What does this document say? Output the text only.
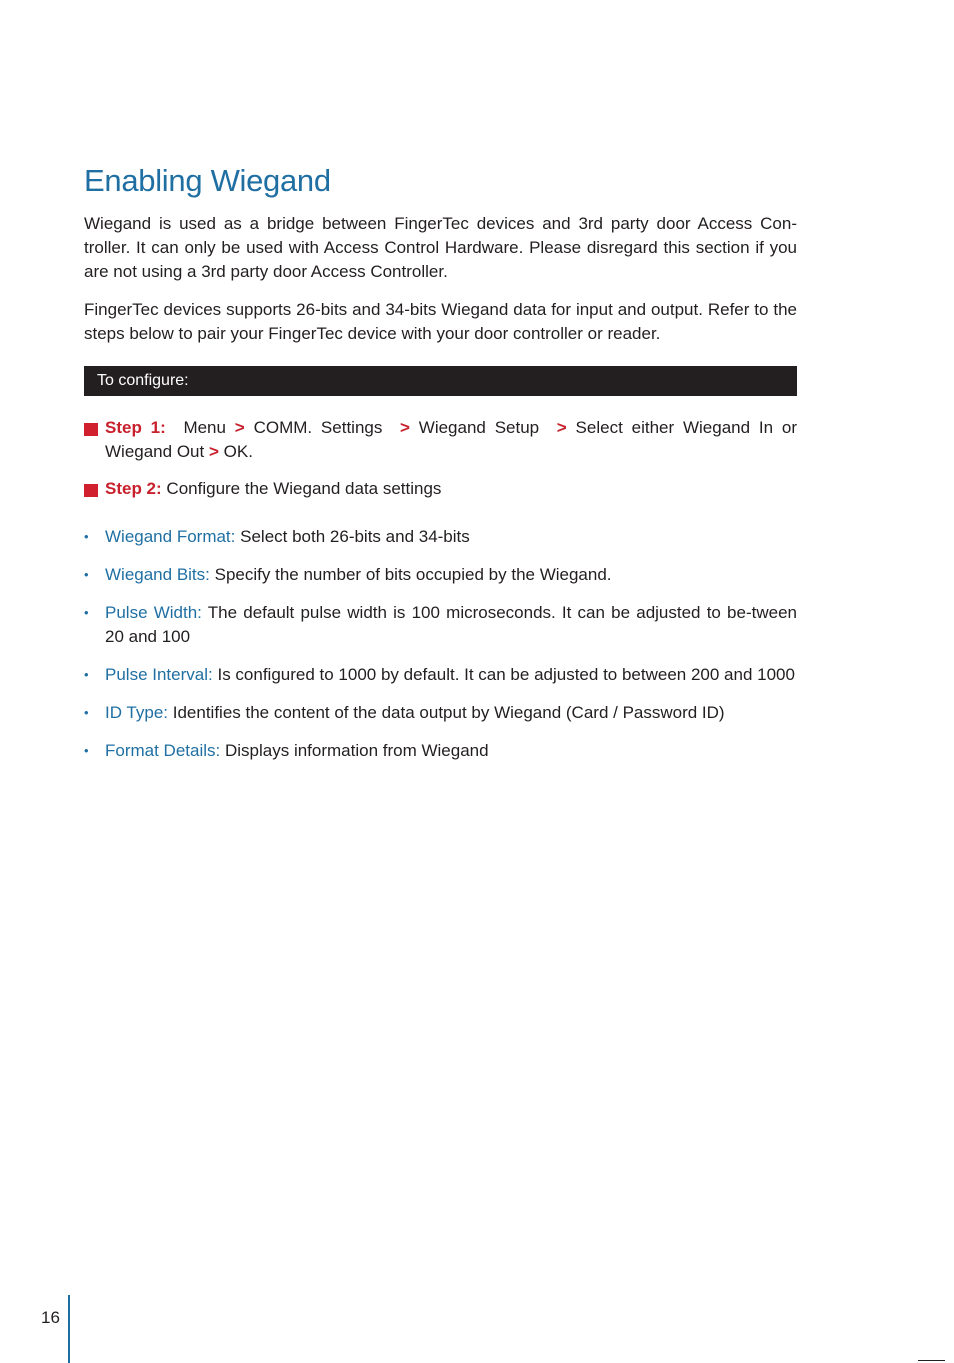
Enabling Wiegand

Wiegand is used as a bridge between FingerTec devices and 3rd party door Access Con-troller. It can only be used with Access Control Hardware. Please disregard this section if you are not using a 3rd party door Access Controller.

FingerTec devices supports 26-bits and 34-bits Wiegand data for input and output. Refer to the steps below to pair your FingerTec device with your door controller or reader.

To configure:
Step 1: Menu > COMM. Settings > Wiegand Setup > Select either Wiegand In or Wiegand Out > OK.
Step 2: Configure the Wiegand data settings
• Wiegand Format: Select both 26-bits and 34-bits
• Wiegand Bits: Specify the number of bits occupied by the Wiegand.
• Pulse Width: The default pulse width is 100 microseconds. It can be adjusted to be-tween 20 and 100
• Pulse Interval: Is configured to 1000 by default. It can be adjusted to between 200 and 1000
• ID Type: Identifies the content of the data output by Wiegand (Card / Password ID)
• Format Details: Displays information from Wiegand
16
